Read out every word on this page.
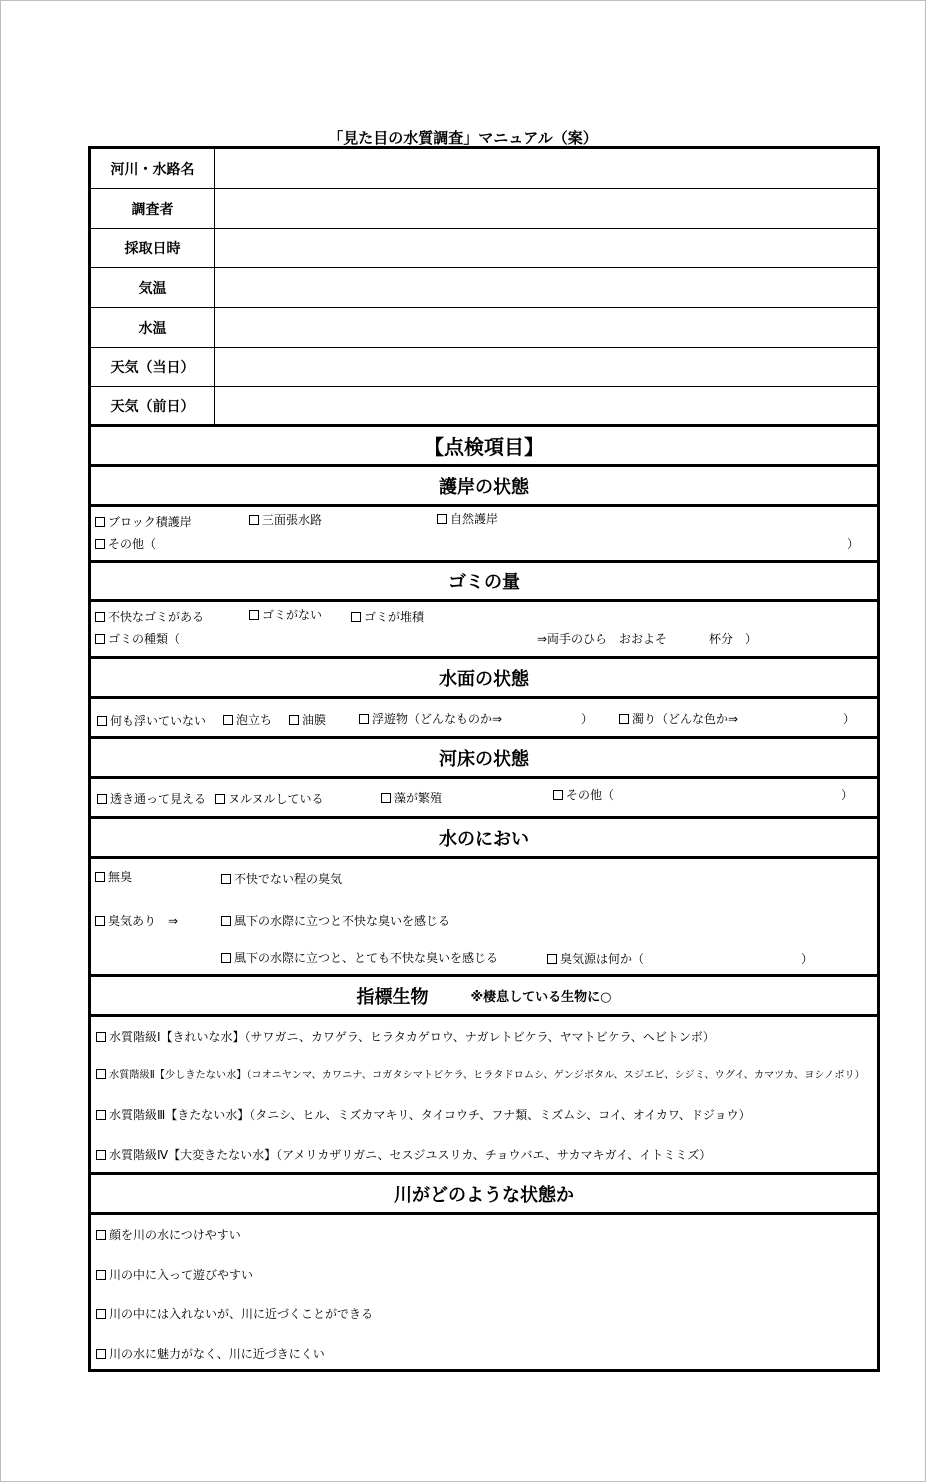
「見た目の水質調査」マニュアル（案）
河川・水路名
調査者
採取日時
気温
水温
天気（当日）
天気（前日）
【点検項目】
護岸の状態
ブロック積護岸	三面張水路	自然護岸
その他（	）
ゴミの量
不快なゴミがある	ゴミがない	ゴミが堆積
ゴミの種類（	⇒両手のひら　おおよそ	杯分　）
水面の状態
何も浮いていない	泡立ち	油膜	浮遊物（どんなものか⇒	）	濁り（どんな色か⇒	）
河床の状態
透き通って見える	ヌルヌルしている	藻が繁殖	その他（	）
水のにおい
無臭	不快でない程の臭気
臭気あり　⇒	風下の水際に立つと不快な臭いを感じる
風下の水際に立つと、とても不快な臭いを感じる	臭気源は何か（	）
指標生物	※棲息している生物に○
水質階級Ⅰ【きれいな水】（サワガニ、カワゲラ、ヒラタカゲロウ、ナガレトビケラ、ヤマトビケラ、ヘビトンボ）
水質階級Ⅱ【少しきたない水】（コオニヤンマ、カワニナ、コガタシマトビケラ、ヒラタドロムシ、ゲンジボタル、スジエビ、シジミ、ウグイ、カマツカ、ヨシノボリ）
水質階級Ⅲ【きたない水】（タニシ、ヒル、ミズカマキリ、タイコウチ、フナ類、ミズムシ、コイ、オイカワ、ドジョウ）
水質階級Ⅳ【大変きたない水】（アメリカザリガニ、セスジユスリカ、チョウバエ、サカマキガイ、イトミミズ）
川がどのような状態か
顔を川の水につけやすい
川の中に入って遊びやすい
川の中には入れないが、川に近づくことができる
川の水に魅力がなく、川に近づきにくい
